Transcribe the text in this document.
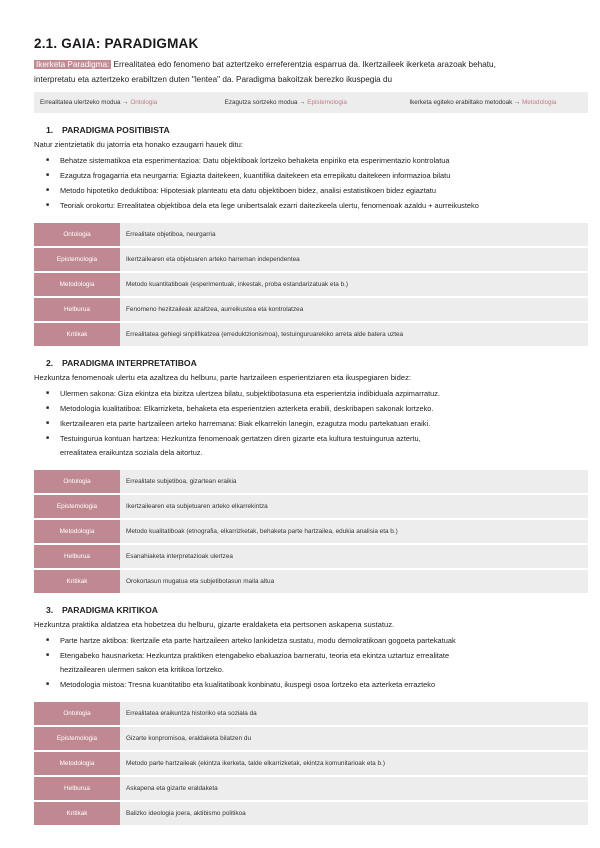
2.1. GAIA: PARADIGMAK

Ikerketa Paradigma: Errealitatea edo fenomeno bat aztertzeko erreferentzia esparrua da. Ikertzaileek ikerketa arazoak behatu,
interpretatu eta aztertzeko erabiltzen duten "lentea" da. Paradigma bakoitzak berezko ikuspegia du

Errealitatea ulertzeko modua → Ontologia	Ezagutza sortzeko modua → Epistemologia	Ikerketa egiteko erabiltako metodoak → Metodologia
1. PARADIGMA POSITIBISTA

Natur zientzietatik du jatorria eta honako ezaugarri hauek ditu:

■ Behatze sistematikoa eta esperimentazioa: Datu objektiboak lortzeko behaketa enpiriko eta esperimentazio kontrolatua
■ Ezagutza frogagarria eta neurgarria: Egiazta daitekeen, kuantifika daitekeen eta errepikatu daitekeen informazioa bilatu
■ Metodo hipotetiko deduktiboa: Hipotesiak planteatu eta datu objektiboen bidez, analisi estatistikoen bidez egiaztatu
■ Teoriak orokortu: Errealitatea objektiboa dela eta lege unibertsalak ezarri daitezkeela ulertu, fenomenoak azaldu + aurreikusteko
Ontologia	Errealitate objetiboa, neurgarria
Epistemologia	Ikertzailearen eta objetuaren arteko harreman independentea
Metodologia	Metodo kuantitatiboak (esperimentuak, inkestak, proba estandarizatuak eta b.)
Helburua	Fenomeno hezitzaileak azaltzea, aurreikustea eta kontrolatzea
Kritikak	Errealitatea gehiegi sinplifikatzea (erreduktzionismoa), testuinguruarekiko arreta alde batera uztea
2. PARADIGMA INTERPRETATIBOA

Hezkuntza fenomenoak ulertu eta azaltzea du helburu, parte hartzaileen esperientziaren eta ikuspegiaren bidez:

■ Ulermen sakona: Giza ekintza eta bizitza ulertzea bilatu, subjektibotasuna eta esperientzia indibiduala azpimarratuz.
■ Metodologia kualitatiboa: Elkarrizketa, behaketa eta esperientzien azterketa erabili, deskribapen sakonak lortzeko.
■ Ikertzailearen eta parte hartzaileen arteko harremana: Biak elkarrekin lanegin, ezagutza modu partekatuan eraiki.
■ Testuingurua kontuan hartzea: Hezkuntza fenomenoak gertatzen diren gizarte eta kultura testuingurua aztertu,
errealitatea eraikuntza soziala dela aitortuz.
Ontologia	Errealitate subjetiboa, gizartean eraikia
Epistemologia	Ikertzailearen eta subjetuaren arteko elkarrekintza
Metodologia	Metodo kualitatiboak (etnografia, elkarrizketak, behaketa parte hartzailea, edukia analisia eta b.)
Helburua	Esanahiaketa interpretazioak ulertzea
Kritikak	Orokortasun mugatua eta subjetibotasun maila altua
3. PARADIGMA KRITIKOA

Hezkuntza praktika aldatzea eta hobetzea du helburu, gizarte eraldaketa eta pertsonen askapena sustatuz.

■ Parte hartze aktiboa: Ikertzaile eta parte hartzaileen arteko lankidetza sustatu, modu demokratikoan gogoeta partekatuak
■ Etengabeko hausnarketa: Hezkuntza praktiken etengabeko ebaluazioa barneratu, teoria eta ekintza uztartuz errealitate
hezitzailearen ulermen sakon eta kritikoa lortzeko.
■ Metodologia mistoa: Tresna kuantitatibo eta kualitatiboak konbinatu, ikuspegi osoa lortzeko eta azterketa errazteko
Ontologia	Errealitatea eraikuntza historiko eta soziala da
Epistemologia	Gizarte konpromisoa, eraldaketa bilatzen du
Metodologia	Metodo parte hartzaileak (ekintza ikerketa, talde elkarrizketak, ekintza komunitarioak eta b.)
Helburua	Askapena eta gizarte eraldaketa
Kritikak	Balizko ideologia joera, aktibismo politikoa
